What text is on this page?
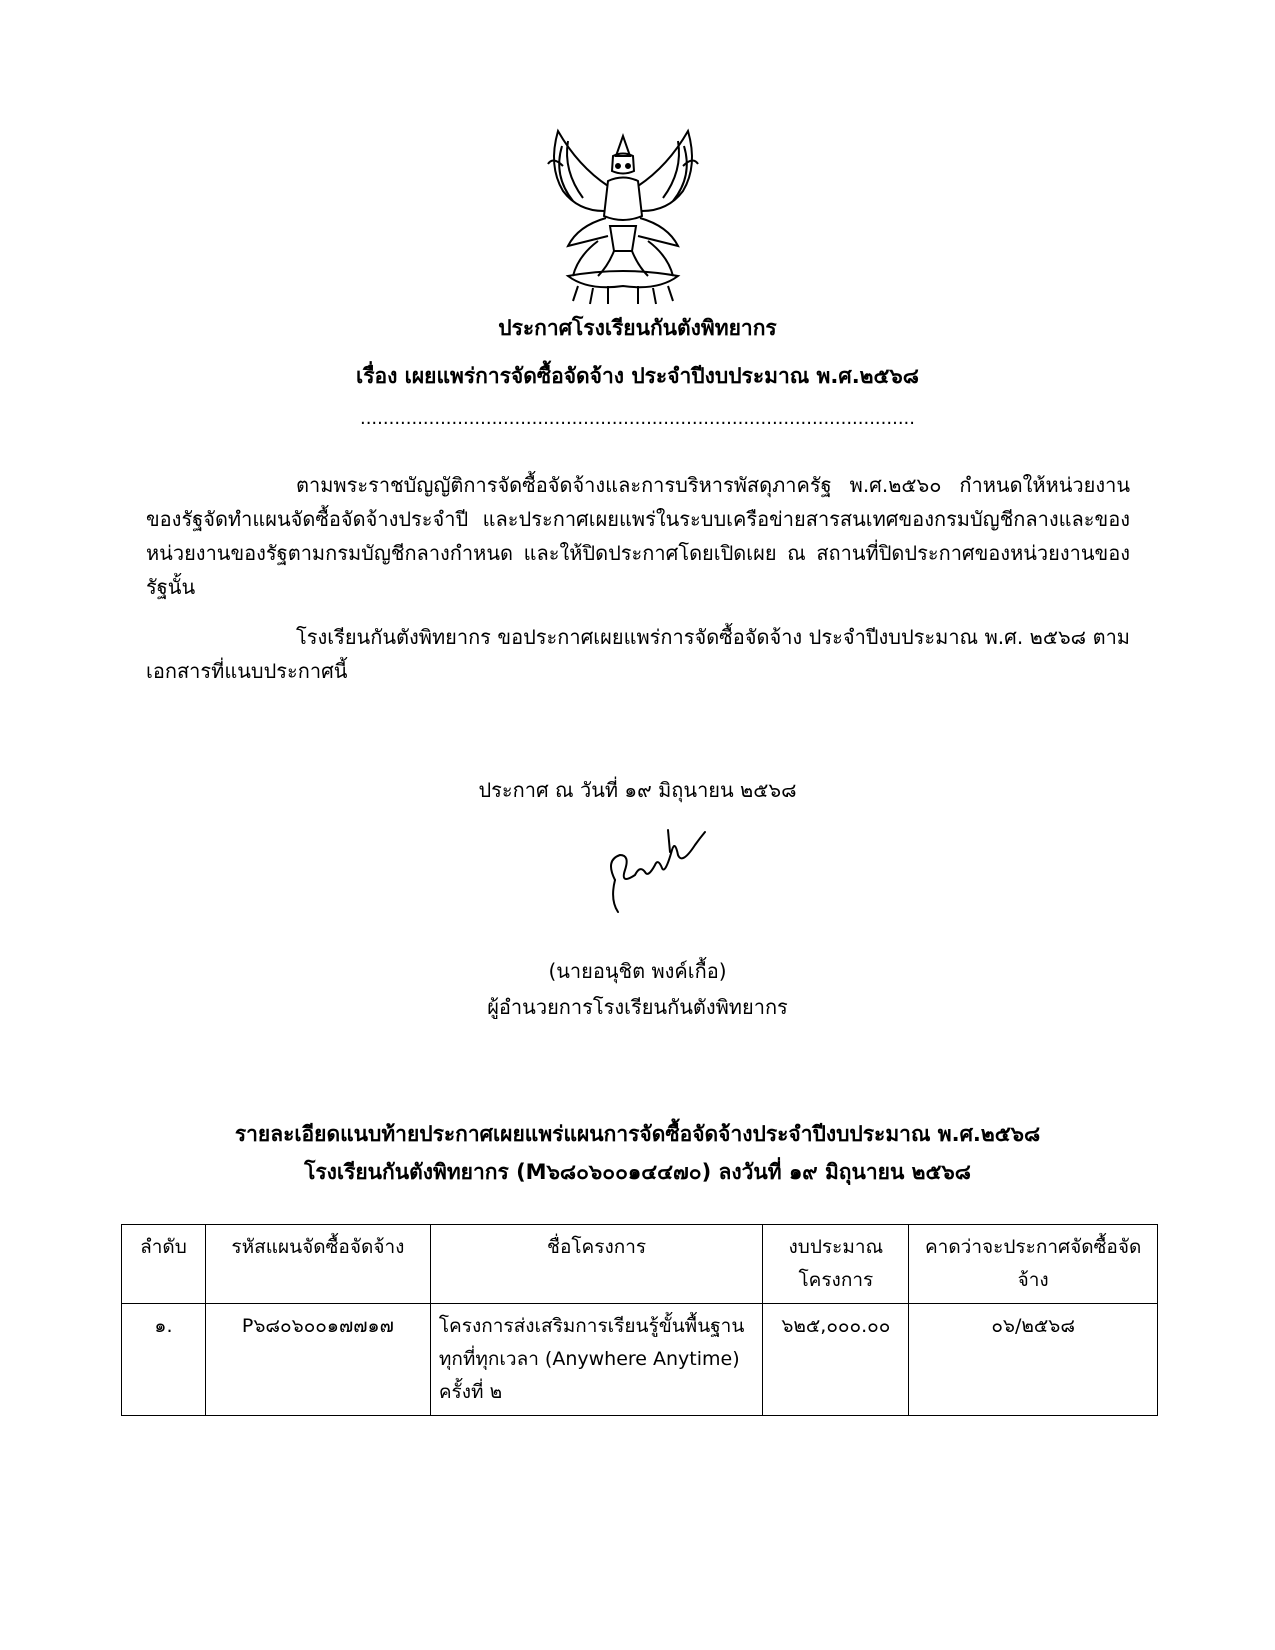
ประกาศโรงเรียนกันตังพิทยากร
เรื่อง เผยแพร่การจัดซื้อจัดจ้าง ประจำปีงบประมาณ พ.ศ.๒๕๖๘
.................................................................................................
ตามพระราชบัญญัติการจัดซื้อจัดจ้างและการบริหารพัสดุภาครัฐ พ.ศ.๒๕๖๐ กำหนดให้หน่วยงานของรัฐจัดทำแผนจัดซื้อจัดจ้างประจำปี และประกาศเผยแพร่ในระบบเครือข่ายสารสนเทศของกรมบัญชีกลางและของหน่วยงานของรัฐตามกรมบัญชีกลางกำหนด และให้ปิดประกาศโดยเปิดเผย ณ สถานที่ปิดประกาศของหน่วยงานของรัฐนั้น
โรงเรียนกันตังพิทยากร ขอประกาศเผยแพร่การจัดซื้อจัดจ้าง ประจำปีงบประมาณ พ.ศ. ๒๕๖๘ ตามเอกสารที่แนบประกาศนี้
ประกาศ ณ วันที่ ๑๙ มิถุนายน ๒๕๖๘
(นายอนุชิต พงค์เกื้อ)
ผู้อำนวยการโรงเรียนกันตังพิทยากร
รายละเอียดแนบท้ายประกาศเผยแพร่แผนการจัดซื้อจัดจ้างประจำปีงบประมาณ พ.ศ.๒๕๖๘
โรงเรียนกันตังพิทยากร (M๖๘๐๖๐๐๑๔๔๗๐) ลงวันที่ ๑๙ มิถุนายน ๒๕๖๘
ลำดับ	รหัสแผนจัดซื้อจัดจ้าง	ชื่อโครงการ	งบประมาณโครงการ	คาดว่าจะประกาศจัดซื้อจัดจ้าง
๑.	P๖๘๐๖๐๐๑๗๗๑๗	โครงการส่งเสริมการเรียนรู้ขั้นพื้นฐานทุกที่ทุกเวลา (Anywhere Anytime) ครั้งที่ ๒	๖๒๕,๐๐๐.๐๐	๐๖/๒๕๖๘
